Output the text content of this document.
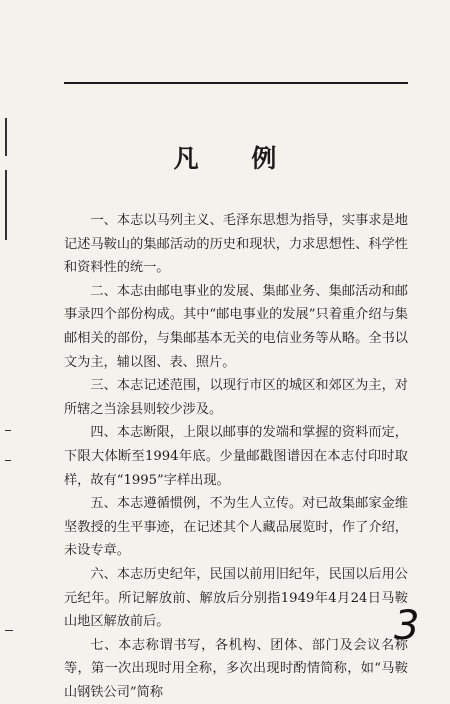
凡 例

一、本志以马列主义、毛泽东思想为指导，实事求是地记述马鞍山的集邮活动的历史和现状，力求思想性、科学性和资料性的统一。

二、本志由邮电事业的发展、集邮业务、集邮活动和邮事录四个部份构成。其中“邮电事业的发展”只着重介绍与集邮相关的部份，与集邮基本无关的电信业务等从略。全书以文为主，辅以图、表、照片。

三、本志记述范围，以现行市区的城区和郊区为主，对所辖之当涂县则较少涉及。

四、本志断限，上限以邮事的发端和掌握的资料而定，下限大体断至1994年底。少量邮戳图谱因在本志付印时取样，故有“1995”字样出现。

五、本志遵循惯例，不为生人立传。对已故集邮家金维坚教授的生平事迹，在记述其个人藏品展览时，作了介绍，未设专章。

六、本志历史纪年，民国以前用旧纪年，民国以后用公元纪年。所记解放前、解放后分别指1949年4月24日马鞍山地区解放前后。

七、本志称谓书写，各机构、团体、部门及会议名称等，第一次出现时用全称，多次出现时酌情简称，如“马鞍山钢铁公司”简称

3
